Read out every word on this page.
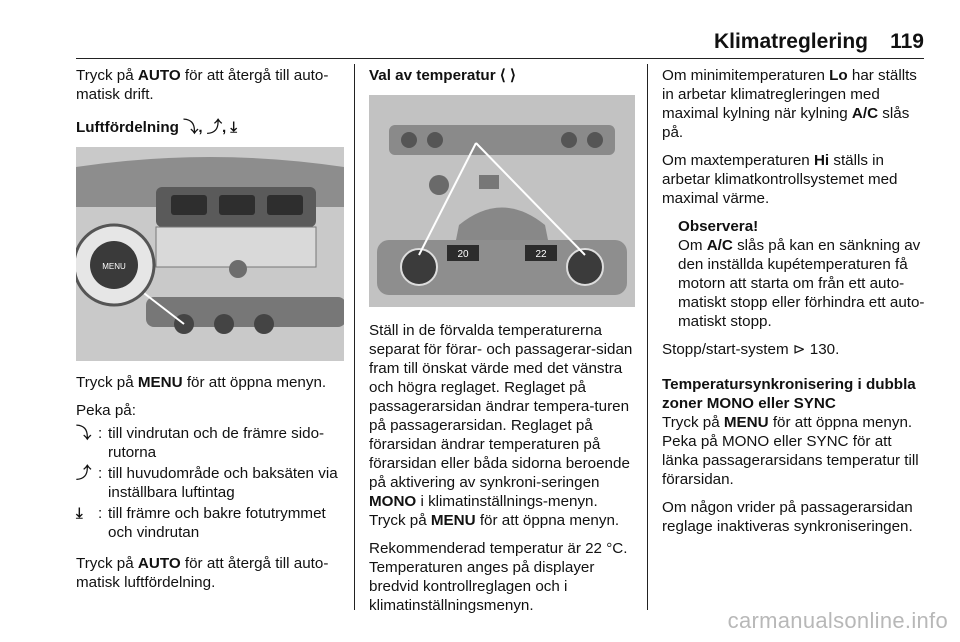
Klimatreglering 119

Tryck på AUTO för att återgå till auto-matisk drift.

Luftfördelning ⤵, ⤴, ⤓
MENU

Tryck på MENU för att öppna menyn.

Peka på:

⤵ : till vindrutan och de främre sido-rutorna
⤴ : till huvudområde och baksäten via inställbara luftintag
⤓	: till främre och bakre fotutrymmet och vindrutan

Tryck på AUTO för att återgå till auto-matisk luftfördelning.

Val av temperatur ⟨ ⟩
20	22

Ställ in de förvalda temperaturerna separat för förar- och passagerar-sidan fram till önskat värde med det vänstra och högra reglaget. Reglaget på passagerarsidan ändrar tempera-turen på passagerarsidan. Reglaget på förarsidan ändrar temperaturen på förarsidan eller båda sidorna beroende på aktivering av synkroni-seringen MONO i klimatinställnings-menyn. Tryck på MENU för att öppna menyn.

Rekommenderad temperatur är 22 °C. Temperaturen anges på displayer bredvid kontrollreglagen och i klimatinställningsmenyn.

Om minimitemperaturen Lo har ställts in arbetar klimatregleringen med maximal kylning när kylning A/C slås på.

Om maxtemperaturen Hi ställs in arbetar klimatkontrollsystemet med maximal värme.

Observera!
Om A/C slås på kan en sänkning av den inställda kupétemperaturen få motorn att starta om från ett auto-matiskt stopp eller förhindra ett auto-matiskt stopp.

Stopp/start-system ⊳ 130.

Temperatursynkronisering i dubbla zoner MONO eller SYNC

Tryck på MENU för att öppna menyn. Peka på MONO eller SYNC för att länka passagerarsidans temperatur till förarsidan.

Om någon vrider på passagerarsidan reglage inaktiveras synkroniseringen.

carmanualsonline.info
